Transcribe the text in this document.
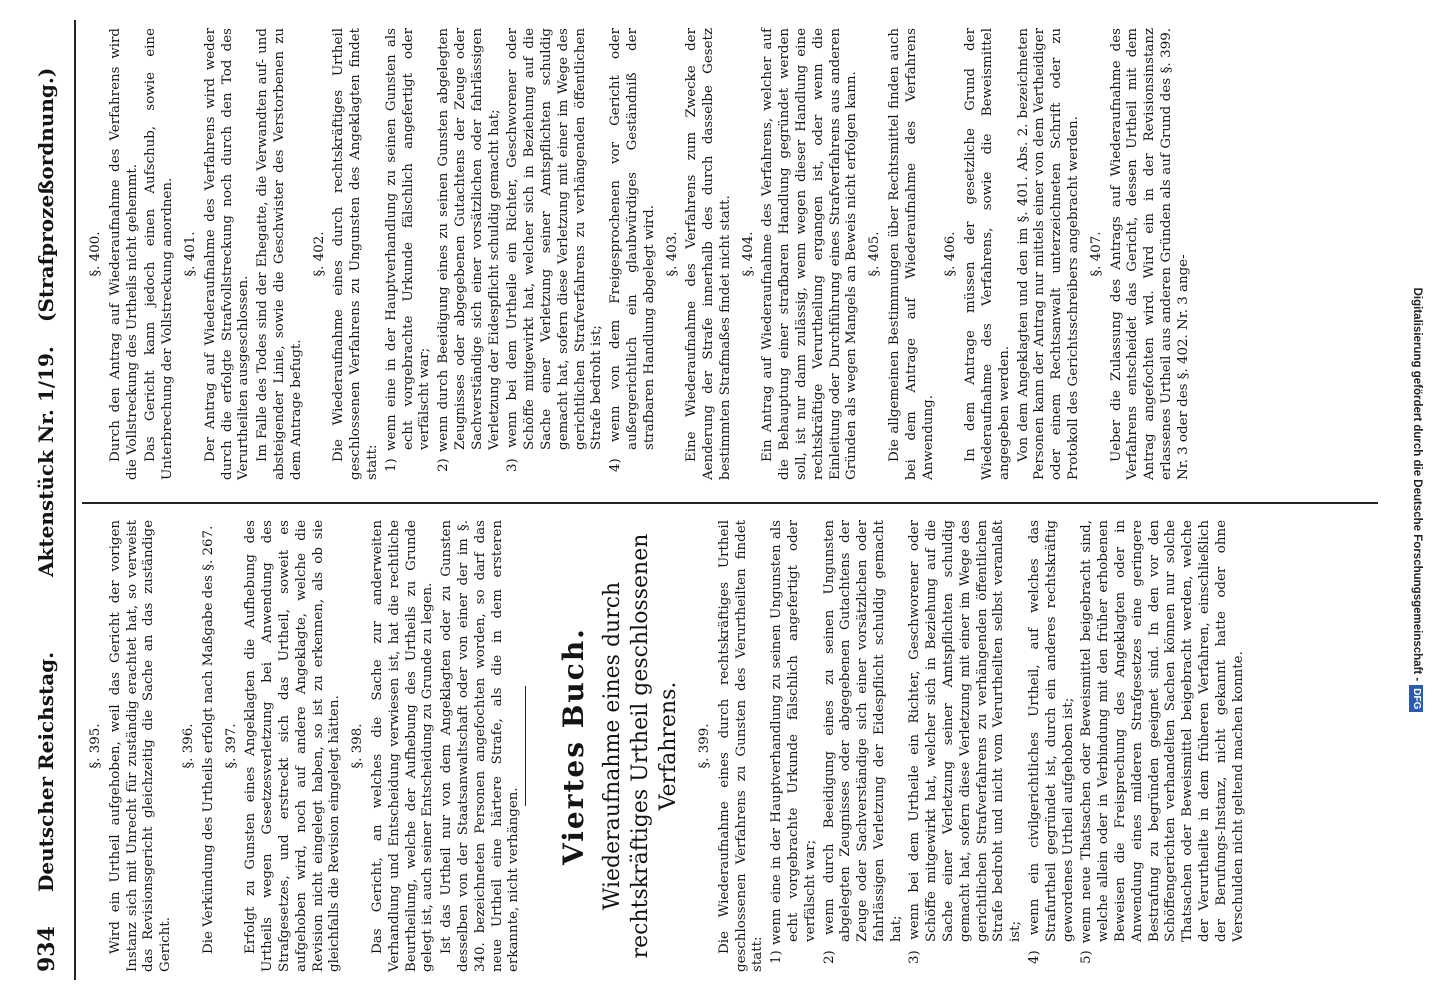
934
Deutscher Reichstag.
Aktenstück Nr. 1/19.
(Strafprozeßordnung.)
§. 395. Wird ein Urtheil aufgehoben, weil das Gericht der vorigen Instanz sich mit Unrecht für zuständig erachtet hat, so verweist das Revisionsgericht gleichzeitig die Sache an das zuständige Gericht.
§. 396. Die Verkündung des Urtheils erfolgt nach Maßgabe des §. 267. §. 397. Erfolgt zu Gunsten eines Angeklagten die Aufhebung des Urtheils wegen Gesetzesverletzung bei Anwendung des Strafgesetzes, und erstreckt sich das Urtheil, soweit es aufgehoben wird, noch auf andere Angeklagte, welche die Revision nicht eingelegt haben, so ist zu erkennen, als ob sie gleichfalls die Revision eingelegt hätten. §. 398. Das Gericht, an welches die Sache zur anderweiten Verhandlung und Entscheidung verwiesen ist, hat die rechtliche Beurtheilung, welche der Aufhebung des Urtheils zu Grunde gelegt ist, auch seiner Entscheidung zu Grunde zu legen. Ist das Urtheil nur von dem Angeklagten oder zu Gunsten desselben von der Staatsanwaltschaft oder von einer der im §. 340. bezeichneten Personen angefochten worden, so darf das neue Urtheil eine härtere Strafe, als die in dem ersteren erkannte, nicht verhängen.
Viertes Buch. Wiederaufnahme eines durch rechtskräftiges Urtheil geschlossenen Verfahrens. §. 399. Die Wiederaufnahme eines durch rechtskräftiges Urtheil geschlossenen Verfahrens zu Gunsten des Verurtheilten findet statt: 1) wenn eine in der Hauptverhandlung zu seinen Ungunsten als echt vorgebrachte Urkunde fälschlich angefertigt oder verfälscht war; 2) wenn durch Beeidigung eines zu seinen Ungunsten abgelegten Zeugnisses oder abgegebenen Gutachtens der Zeuge oder Sachverständige sich einer vorsätzlichen oder fahrlässigen Verletzung der Eidespflicht schuldig gemacht hat; 3) wenn bei dem Urtheile ein Richter, Geschworener oder Schöffe mitgewirkt hat, welcher sich in Beziehung auf die Sache einer Verletzung seiner Amtspflichten schuldig gemacht hat, sofern diese Verletzung mit einer im Wege des gerichtlichen Strafverfahrens zu verhängenden öffentlichen Strafe bedroht und nicht vom Verurtheilten selbst veranlaßt ist; 4) wenn ein civilgerichtliches Urtheil, auf welches das Strafurtheil gegründet ist, durch ein anderes rechtskräftig gewordenes Urtheil aufgehoben ist; 5) wenn neue Thatsachen oder Beweismittel beigebracht sind, welche allein oder in Verbindung mit den früher erhobenen Beweisen die Freisprechung des Angeklagten oder in Anwendung eines milderen Strafgesetzes eine geringere Bestrafung zu begründen geeignet sind. In den vor den Schöffengerichten verhandelten Sachen können nur solche Thatsachen oder Beweismittel beigebracht werden, welche der Verurtheilte in dem früheren Verfahren, einschließlich der Berufungs-Instanz, nicht gekannt hatte oder ohne Verschulden nicht geltend machen konnte.
§. 400. Durch den Antrag auf Wiederaufnahme des Verfahrens wird die Vollstreckung des Urtheils nicht gehemmt. Das Gericht kann jedoch einen Aufschub, sowie eine Unterbrechung der Vollstreckung anordnen. §. 401. Der Antrag auf Wiederaufnahme des Verfahrens wird weder durch die erfolgte Strafvollstreckung noch durch den Tod des Verurtheilten ausgeschlossen. Im Falle des Todes sind der Ehegatte, die Verwandten auf- und absteigender Linie, sowie die Geschwister des Verstorbenen zu dem Antrage befugt.
§. 402. Die Wiederaufnahme eines durch rechtskräftiges Urtheil geschlossenen Verfahrens zu Ungunsten des Angeklagten findet statt: 1) wenn eine in der Hauptverhandlung zu seinen Gunsten als echt vorgebrachte Urkunde fälschlich angefertigt oder verfälscht war; 2) wenn durch Beeidigung eines zu seinen Gunsten abgelegten Zeugnisses oder abgegebenen Gutachtens der Zeuge oder Sachverständige sich einer vorsätzlichen oder fahrlässigen Verletzung der Eidespflicht schuldig gemacht hat; 3) wenn bei dem Urtheile ein Richter, Geschworener oder Schöffe mitgewirkt hat, welcher sich in Beziehung auf die Sache einer Verletzung seiner Amtspflichten schuldig gemacht hat, sofern diese Verletzung mit einer im Wege des gerichtlichen Strafverfahrens zu verhängenden öffentlichen Strafe bedroht ist; 4) wenn von dem Freigesprochenen vor Gericht oder außergerichtlich ein glaubwürdiges Geständniß der strafbaren Handlung abgelegt wird. §. 403. Eine Wiederaufnahme des Verfahrens zum Zwecke der Aenderung der Strafe innerhalb des durch dasselbe Gesetz bestimmten Strafmaßes findet nicht statt. §. 404. Ein Antrag auf Wiederaufnahme des Verfahrens, welcher auf die Behauptung einer strafbaren Handlung gegründet werden soll, ist nur dann zulässig, wenn wegen dieser Handlung eine rechtskräftige Verurtheilung ergangen ist, oder wenn die Einleitung oder Durchführung eines Strafverfahrens aus anderen Gründen als wegen Mangels an Beweis nicht erfolgen kann. §. 405. Die allgemeinen Bestimmungen über Rechtsmittel finden auch bei dem Antrage auf Wiederaufnahme des Verfahrens Anwendung.
§. 406. In dem Antrage müssen der gesetzliche Grund der Wiederaufnahme des Verfahrens, sowie die Beweismittel angegeben werden. Von dem Angeklagten und den im §. 401. Abs. 2. bezeichneten Personen kann der Antrag nur mittels einer von dem Vertheidiger oder einem Rechtsanwalt unterzeichneten Schrift oder zu Protokoll des Gerichtsschreibers angebracht werden. §. 407. Ueber die Zulassung des Antrags auf Wiederaufnahme des Verfahrens entscheidet das Gericht, dessen Urtheil mit dem Antrag angefochten wird. Wird ein in der Revisionsinstanz erlassenes Urtheil aus anderen Gründen als auf Grund des §. 399. Nr. 3 oder des §. 402. Nr. 3 ange-	Digitalisierung gefördert durch die Deutsche Forschungsgemeinschaft -DFG
